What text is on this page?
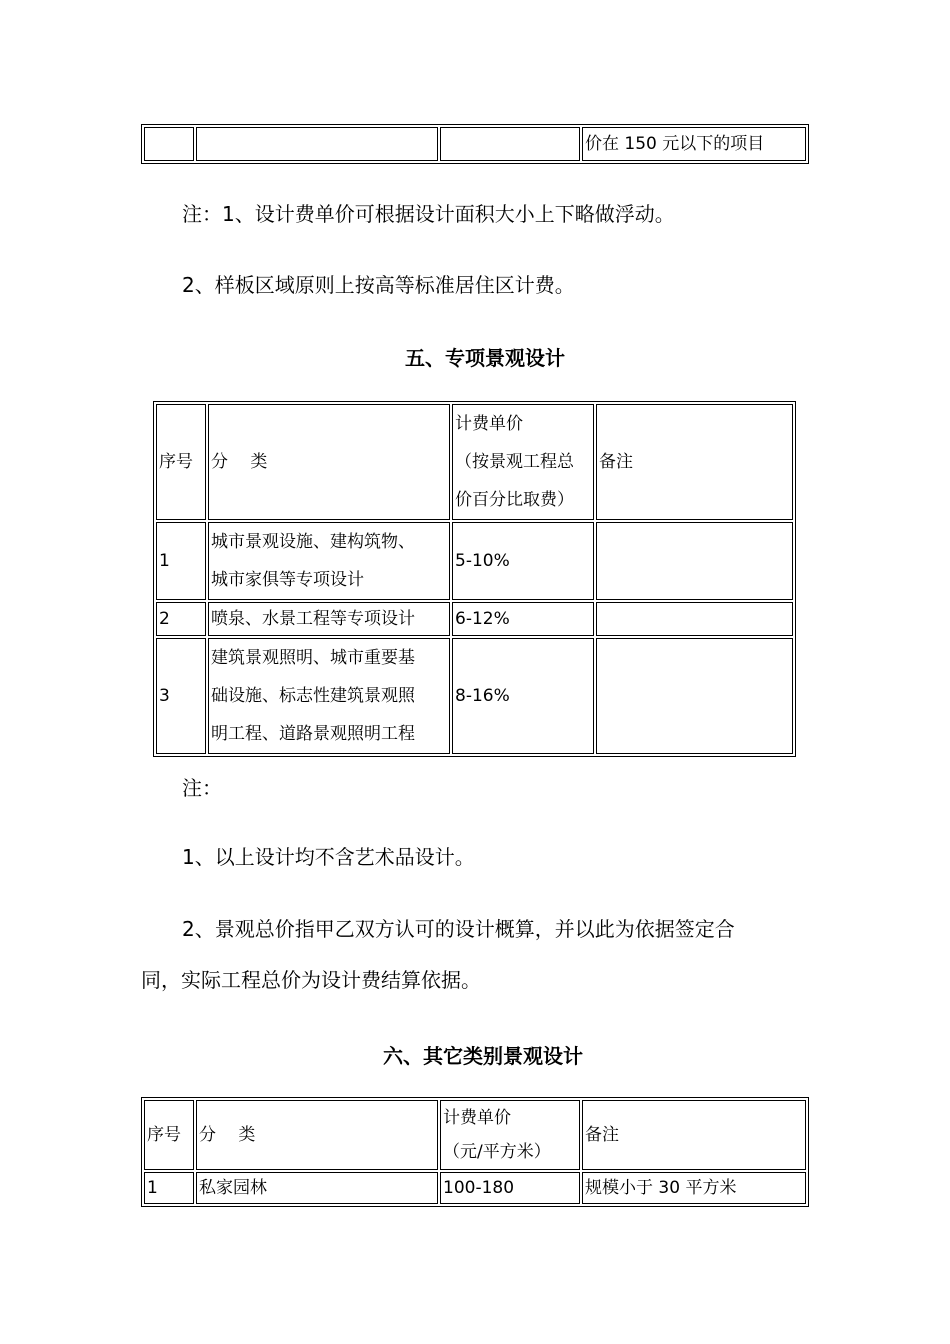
			价在 150 元以下的项目
注：1、设计费单价可根据设计面积大小上下略做浮动。
2、样板区域原则上按高等标准居住区计费。
五、专项景观设计
序号	分　 类	计费单价
（按景观工程总
价百分比取费）	备注
1	城市景观设施、建构筑物、
城市家俱等专项设计	5-10%	
2	喷泉、水景工程等专项设计	6-12%	
3	建筑景观照明、城市重要基
础设施、标志性建筑景观照
明工程、道路景观照明工程	8-16%	
注：
1、以上设计均不含艺术品设计。
2、景观总价指甲乙双方认可的设计概算，并以此为依据签定合
同，实际工程总价为设计费结算依据。
六、其它类别景观设计
序号	分　 类	计费单价
（元/平方米）	备注
1	私家园林	100-180	规模小于 30 平方米
